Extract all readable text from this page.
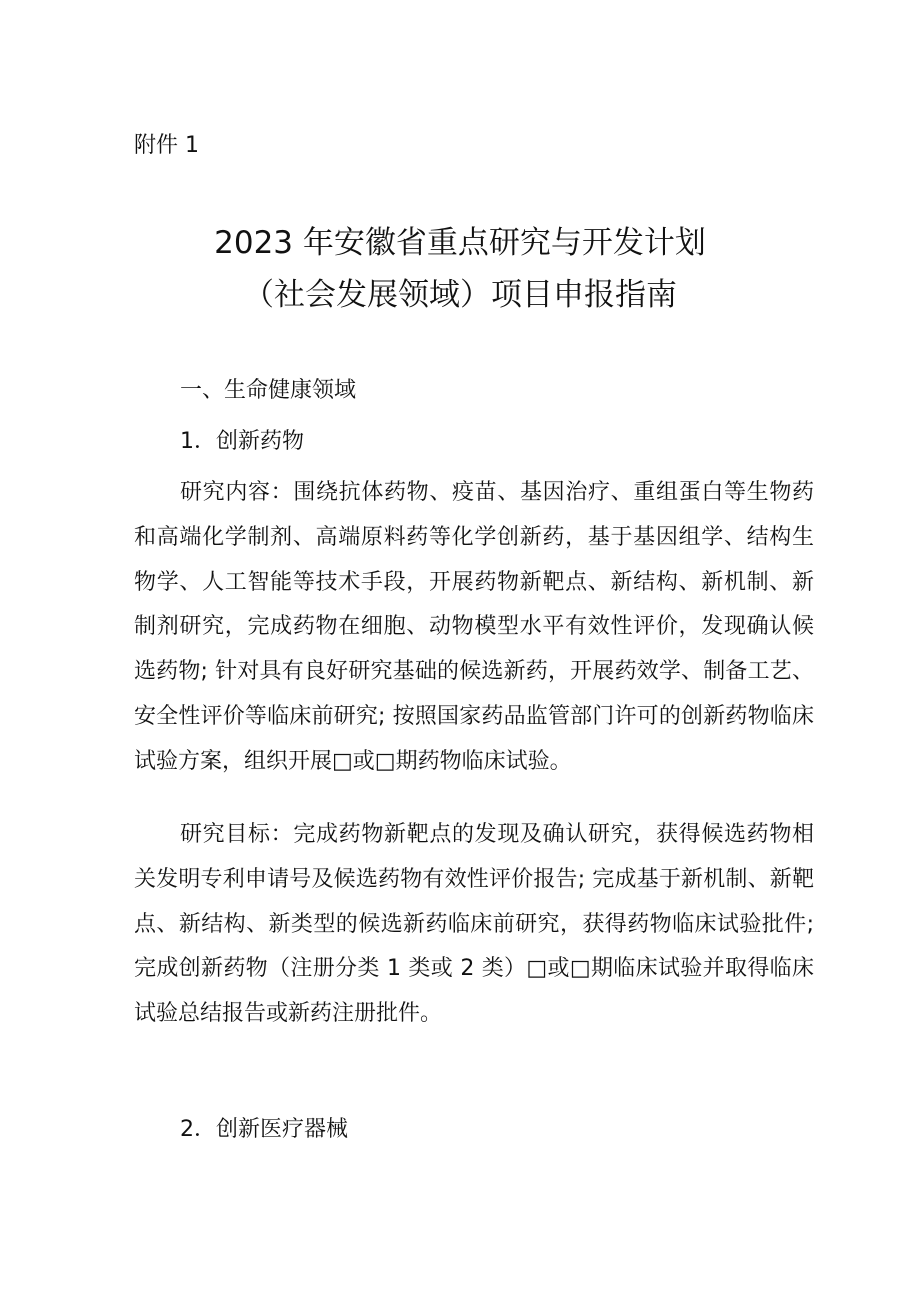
附件 1
2023 年安徽省重点研究与开发计划
（社会发展领域）项目申报指南
一、生命健康领域
1．创新药物
研究内容：围绕抗体药物、疫苗、基因治疗、重组蛋白等生物药和高端化学制剂、高端原料药等化学创新药，基于基因组学、结构生物学、人工智能等技术手段，开展药物新靶点、新结构、新机制、新制剂研究，完成药物在细胞、动物模型水平有效性评价，发现确认候选药物; 针对具有良好研究基础的候选新药，开展药效学、制备工艺、安全性评价等临床前研究; 按照国家药品监管部门许可的创新药物临床试验方案，组织开展□或□期药物临床试验。
研究目标：完成药物新靶点的发现及确认研究，获得候选药物相关发明专利申请号及候选药物有效性评价报告; 完成基于新机制、新靶点、新结构、新类型的候选新药临床前研究，获得药物临床试验批件; 完成创新药物（注册分类 1 类或 2 类）□或□期临床试验并取得临床试验总结报告或新药注册批件。
2．创新医疗器械
